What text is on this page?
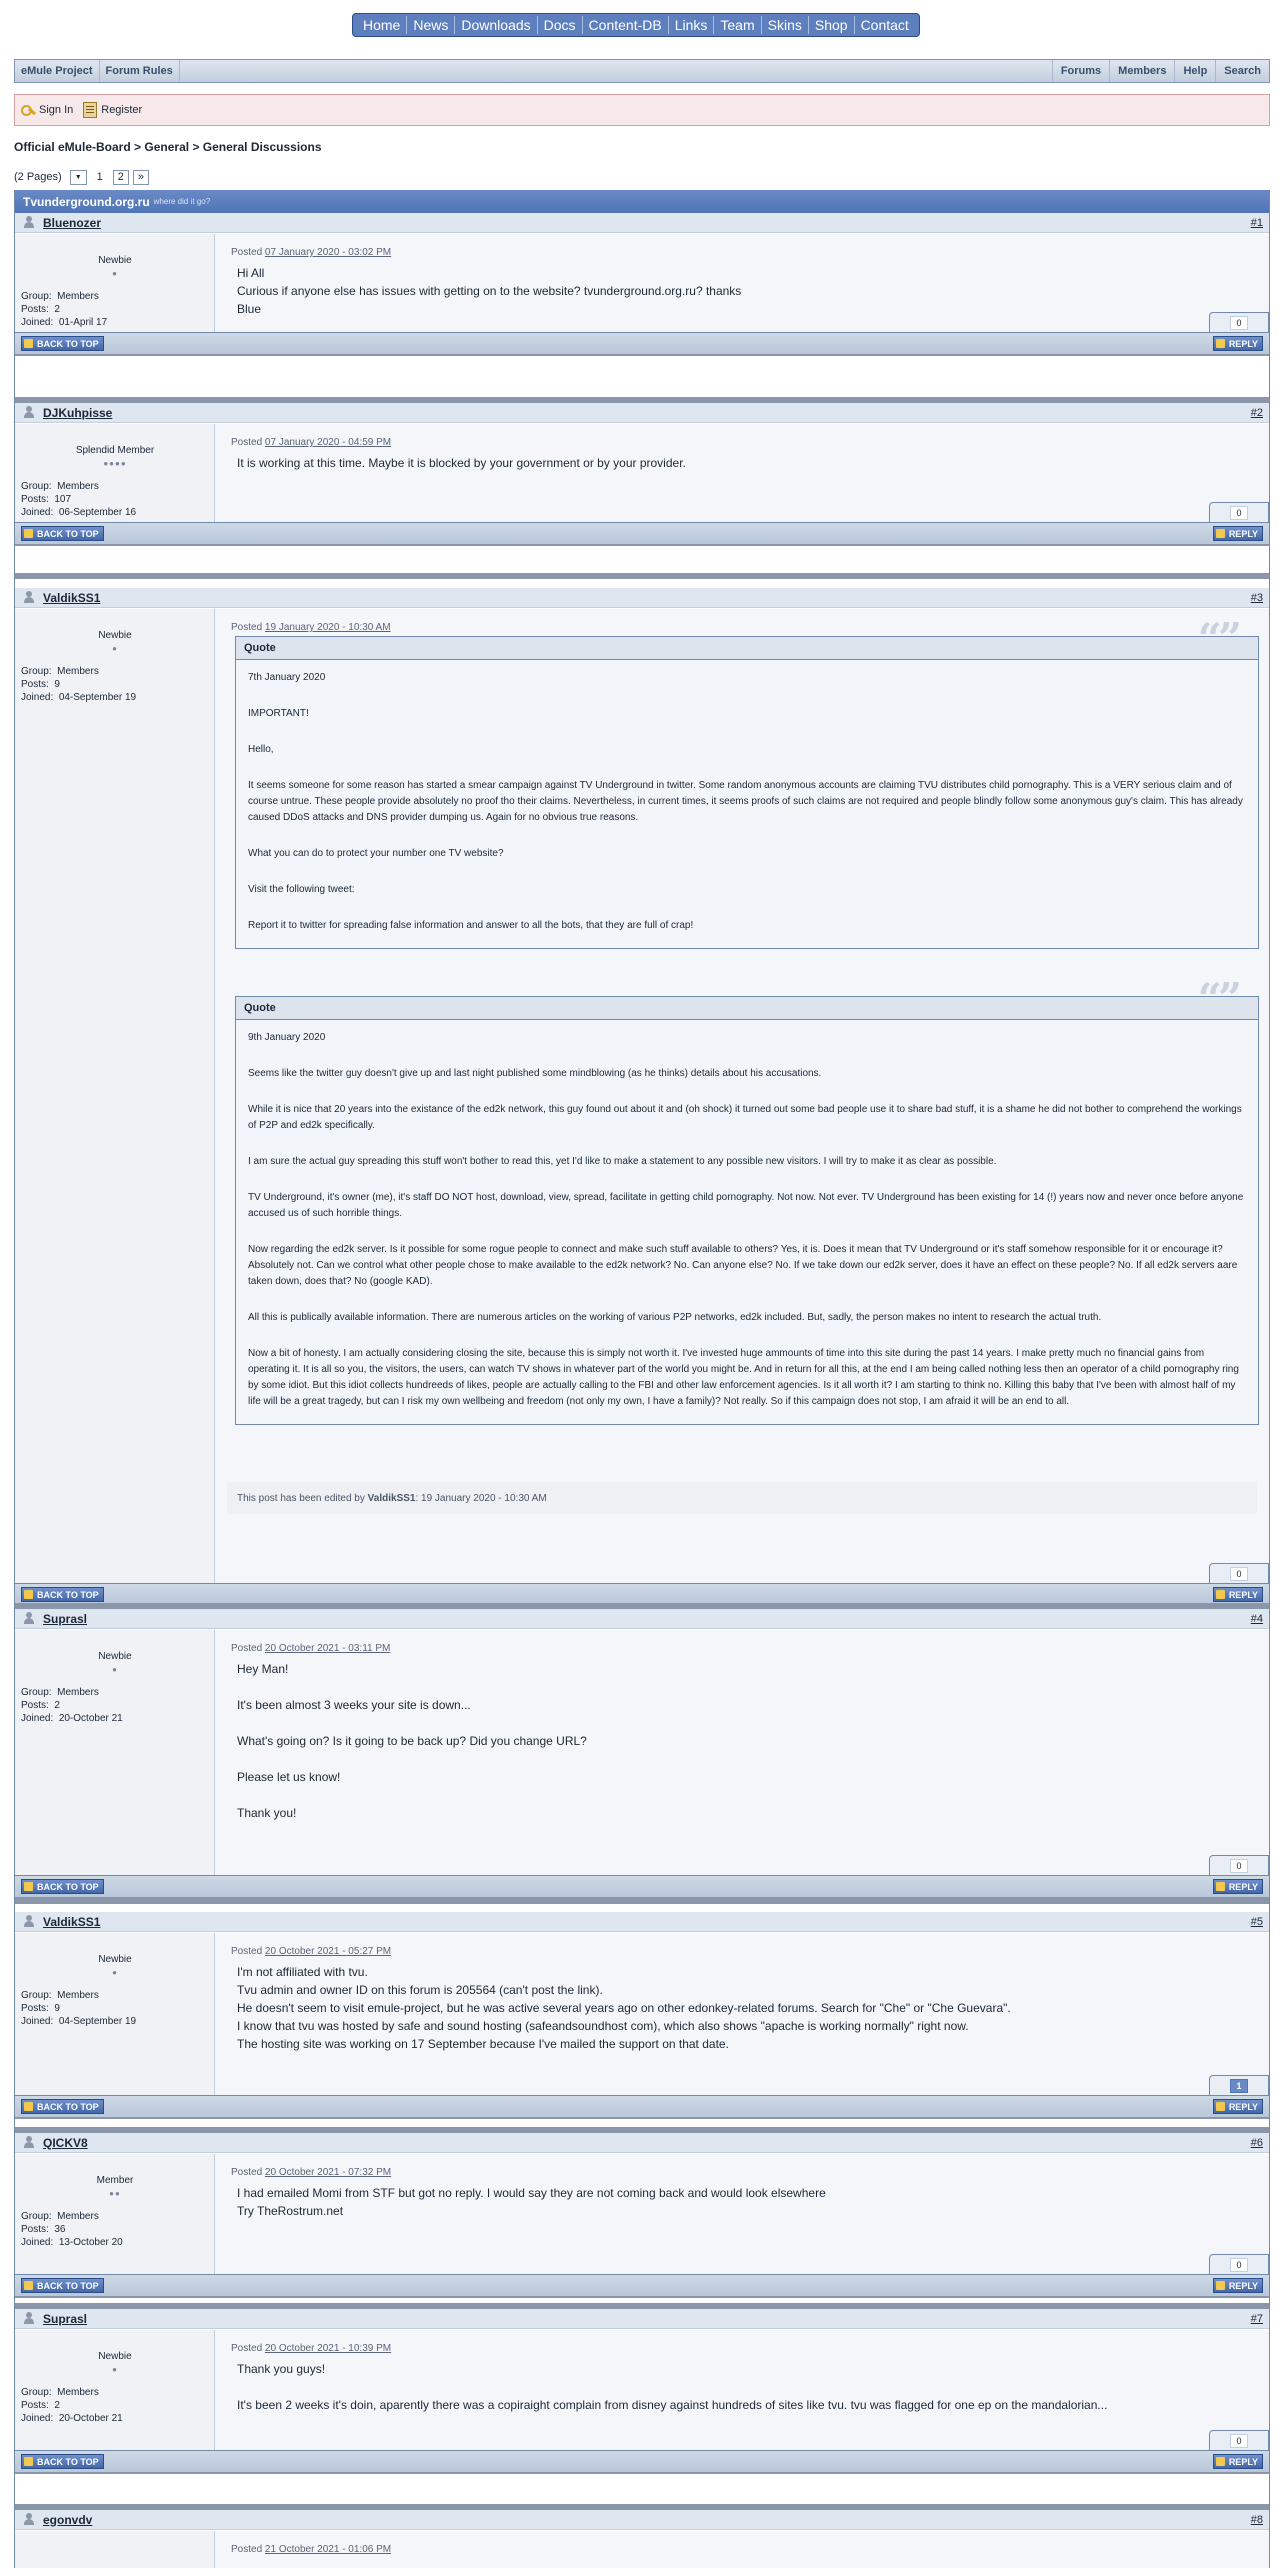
Home News Downloads Docs Content-DB Links Team Skins Shop Contact
eMule Project	Forum Rules	Forums	Members	Help	Search
Sign In	Register
Official eMule-Board > General > General Discussions
(2 Pages)	▼	1	2	»
Tvunderground.org.ru where did it go?
Bluenozer	#1
Newbie
●
Group: Members
Posts: 2
Joined: 01-April 17
Posted 07 January 2020 - 03:02 PM

Hi All

Curious if anyone else has issues with getting on to the website? tvunderground.org.ru? thanks

Blue

0
BACK TO TOP	REPLY
DJKuhpisse	#2
Splendid Member
●●●●
Group: Members
Posts: 107
Joined: 06-September 16
Posted 07 January 2020 - 04:59 PM

It is working at this time. Maybe it is blocked by your government or by your provider.

0
BACK TO TOP	REPLY
ValdikSS1	#3
Newbie
●
Group: Members
Posts: 9
Joined: 04-September 19
Posted 19 January 2020 - 10:30 AM
Quote	“”

7th January 2020

IMPORTANT!

Hello,

It seems someone for some reason has started a smear campaign against TV Underground in twitter. Some random anonymous accounts are claiming TVU distributes child pornography. This is a VERY serious claim and of course untrue. These people provide absolutely no proof tho their claims. Nevertheless, in current times, it seems proofs of such claims are not required and people blindly follow some anonymous guy's claim. This has already caused DDoS attacks and DNS provider dumping us. Again for no obvious true reasons.

What you can do to protect your number one TV website?

Visit the following tweet:

Report it to twitter for spreading false information and answer to all the bots, that they are full of crap!

Quote	“”

9th January 2020

Seems like the twitter guy doesn't give up and last night published some mindblowing (as he thinks) details about his accusations.

While it is nice that 20 years into the existance of the ed2k network, this guy found out about it and (oh shock) it turned out some bad people use it to share bad stuff, it is a shame he did not bother to comprehend the workings of P2P and ed2k specifically.

I am sure the actual guy spreading this stuff won't bother to read this, yet I'd like to make a statement to any possible new visitors. I will try to make it as clear as possible.

TV Underground, it's owner (me), it's staff DO NOT host, download, view, spread, facilitate in getting child pornography. Not now. Not ever. TV Underground has been existing for 14 (!) years now and never once before anyone accused us of such horrible things.

Now regarding the ed2k server. Is it possible for some rogue people to connect and make such stuff available to others? Yes, it is. Does it mean that TV Underground or it's staff somehow responsible for it or encourage it? Absolutely not. Can we control what other people chose to make available to the ed2k network? No. Can anyone else? No. If we take down our ed2k server, does it have an effect on these people? No. If all ed2k servers aare taken down, does that? No (google KAD).

All this is publically available information. There are numerous articles on the working of various P2P networks, ed2k included. But, sadly, the person makes no intent to research the actual truth.

Now a bit of honesty. I am actually considering closing the site, because this is simply not worth it. I've invested huge ammounts of time into this site during the past 14 years. I make pretty much no financial gains from operating it. It is all so you, the visitors, the users, can watch TV shows in whatever part of the world you might be. And in return for all this, at the end I am being called nothing less then an operator of a child pornography ring by some idiot. But this idiot collects hundreeds of likes, people are actually calling to the FBI and other law enforcement agencies. Is it all worth it? I am starting to think no. Killing this baby that I've been with almost half of my life will be a great tragedy, but can I risk my own wellbeing and freedom (not only my own, I have a family)? Not really. So if this campaign does not stop, I am afraid it will be an end to all.

This post has been edited by
ValdikSS1 : 19 January 2020 - 10:30 AM
0
BACK TO TOP	REPLY
Suprasl	#4
Newbie
●
Group: Members
Posts: 2
Joined: 20-October 21
Posted 20 October 2021 - 03:11 PM

Hey Man!

It's been almost 3 weeks your site is down...

What's going on? Is it going to be back up? Did you change URL?

Please let us know!

Thank you!

0
BACK TO TOP	REPLY
ValdikSS1	#5
Newbie
●
Group: Members
Posts: 9
Joined: 04-September 19
Posted 20 October 2021 - 05:27 PM

I'm not affiliated with tvu.

Tvu admin and owner ID on this forum is 205564 (can't post the link).

He doesn't seem to visit emule-project, but he was active several years ago on other edonkey-related forums. Search for "Che" or "Che Guevara".

I know that tvu was hosted by safe and sound hosting (safeandsoundhost com), which also shows "apache is working normally" right now.

The hosting site was working on 17 September because I've mailed the support on that date.

1
BACK TO TOP	REPLY
QICKV8	#6
Member
●●
Group: Members
Posts: 36
Joined: 13-October 20
Posted 20 October 2021 - 07:32 PM

I had emailed Momi from STF but got no reply. I would say they are not coming back and would look elsewhere

Try TheRostrum.net

0
BACK TO TOP	REPLY
Suprasl	#7
Newbie
●
Group: Members
Posts: 2
Joined: 20-October 21
Posted 20 October 2021 - 10:39 PM

Thank you guys!

It's been 2 weeks it's doin, aparently there was a copiraight complain from disney against hundreds of sites like tvu. tvu was flagged for one ep on the mandalorian...

0
BACK TO TOP	REPLY
egonvdv	#8
Posted 21 October 2021 - 01:06 PM
